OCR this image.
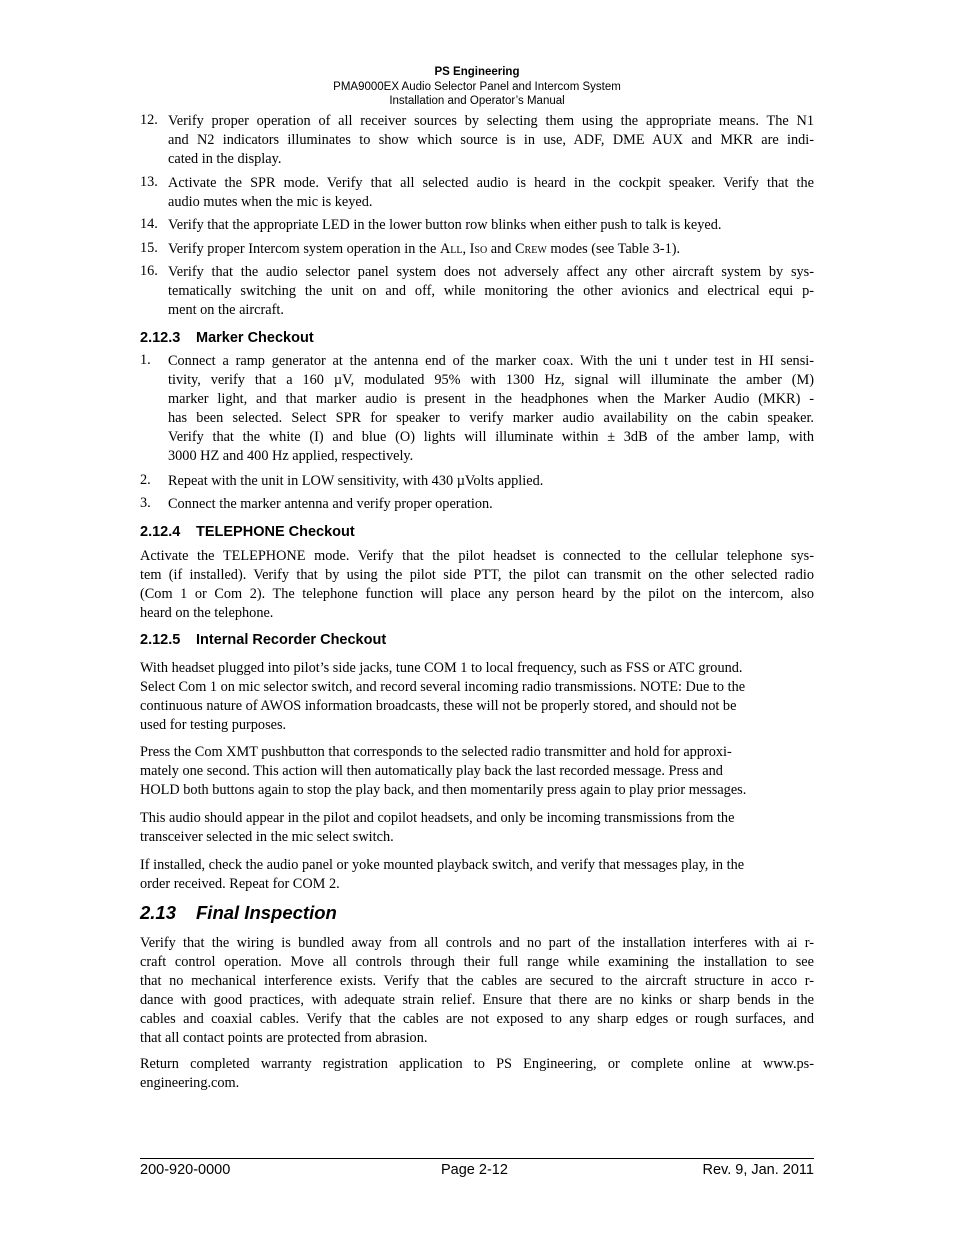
PS Engineering
PMA9000EX Audio Selector Panel and Intercom System
Installation and Operator’s Manual
12. Verify proper operation of all receiver sources by selecting them using the appropriate means. The N1
and N2 indicators illuminates to show which source is in use, ADF, DME AUX and MKR are indi-
cated in the display.
13. Activate the SPR mode. Verify that all selected audio is heard in the cockpit speaker. Verify that the
audio mutes when the mic is keyed.
14. Verify that the appropriate LED in the lower button row blinks when either push to talk is keyed.
15. Verify proper Intercom system operation in the All, Iso and Crew modes (see Table 3-1).
16. Verify that the audio selector panel system does not adversely affect any other aircraft system by sys-
tematically switching the unit on and off, while monitoring the other avionics and electrical equi p-
ment on the aircraft.
2.12.3 Marker Checkout
1. Connect a ramp generator at the antenna end of the marker coax. With the uni t under test in HI sensi-
tivity, verify that a 160 µV, modulated 95% with 1300 Hz, signal will illuminate the amber (M)
marker light, and that marker audio is present in the headphones when the Marker Audio (MKR) -
has been selected. Select SPR for speaker to verify marker audio availability on the cabin speaker.
Verify that the white (I) and blue (O) lights will illuminate within ± 3dB of the amber lamp, with
3000 HZ and 400 Hz applied, respectively.
2. Repeat with the unit in LOW sensitivity, with 430 µVolts applied.
3. Connect the marker antenna and verify proper operation.
2.12.4 TELEPHONE Checkout
Activate the TELEPHONE mode. Verify that the pilot headset is connected to the cellular telephone sys-
tem (if installed). Verify that by using the pilot side PTT, the pilot can transmit on the other selected radio
(Com 1 or Com 2). The telephone function will place any person heard by the pilot on the intercom, also
heard on the telephone.
2.12.5 Internal Recorder Checkout
With headset plugged into pilot’s side jacks, tune COM 1 to local frequency, such as FSS or ATC ground.
Select Com 1 on mic selector switch, and record several incoming radio transmissions. NOTE: Due to the
continuous nature of AWOS information broadcasts, these will not be properly stored, and should not be
used for testing purposes.
Press the Com XMT pushbutton that corresponds to the selected radio transmitter and hold for approxi-
mately one second. This action will then automatically play back the last recorded message. Press and
HOLD both buttons again to stop the play back, and then momentarily press again to play prior messages.
This audio should appear in the pilot and copilot headsets, and only be incoming transmissions from the
transceiver selected in the mic select switch.
If installed, check the audio panel or yoke mounted playback switch, and verify that messages play, in the
order received. Repeat for COM 2.
2.13 Final Inspection
Verify that the wiring is bundled away from all controls and no part of the installation interferes with ai r-
craft control operation. Move all controls through their full range while examining the installation to see
that no mechanical interference exists. Verify that the cables are secured to the aircraft structure in acco r-
dance with good practices, with adequate strain relief. Ensure that there are no kinks or sharp bends in the
cables and coaxial cables. Verify that the cables are not exposed to any sharp edges or rough surfaces, and
that all contact points are protected from abrasion.
Return completed warranty registration application to PS Engineering, or complete online at www.ps-
engineering.com.
200-920-0000	Page 2-12	Rev. 9, Jan. 2011
